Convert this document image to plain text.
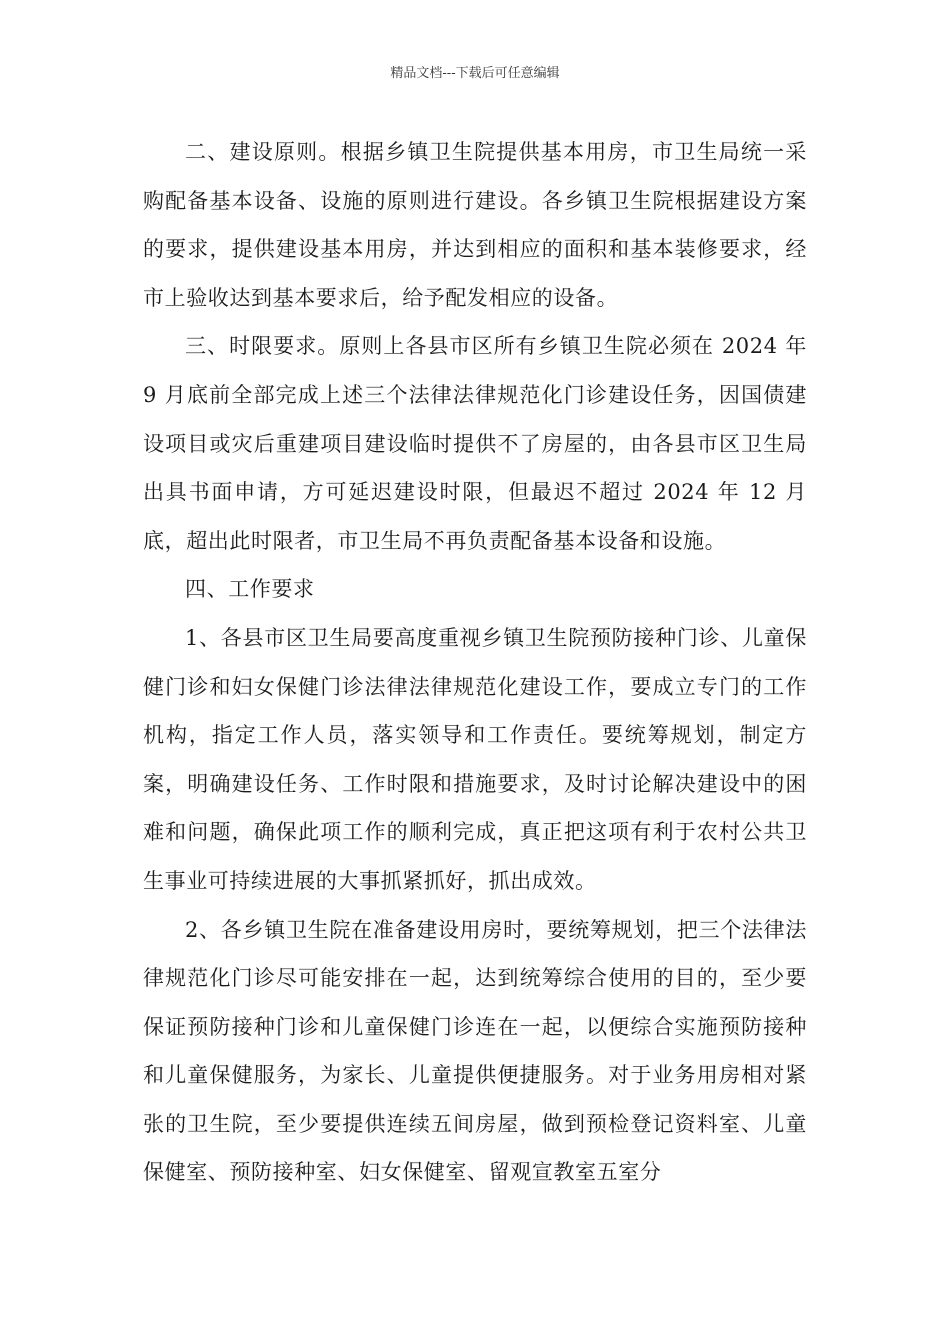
精品文档---下载后可任意编辑

二、建设原则。根据乡镇卫生院提供基本用房，市卫生局统一采购配备基本设备、设施的原则进行建设。各乡镇卫生院根据建设方案的要求，提供建设基本用房，并达到相应的面积和基本装修要求，经市上验收达到基本要求后，给予配发相应的设备。

三、时限要求。原则上各县市区所有乡镇卫生院必须在 2024 年 9 月底前全部完成上述三个法律法律规范化门诊建设任务，因国债建设项目或灾后重建项目建设临时提供不了房屋的，由各县市区卫生局出具书面申请，方可延迟建设时限，但最迟不超过 2024 年 12 月底，超出此时限者，市卫生局不再负责配备基本设备和设施。

四、工作要求

1、各县市区卫生局要高度重视乡镇卫生院预防接种门诊、儿童保健门诊和妇女保健门诊法律法律规范化建设工作，要成立专门的工作机构，指定工作人员，落实领导和工作责任。要统筹规划，制定方案，明确建设任务、工作时限和措施要求，及时讨论解决建设中的困难和问题，确保此项工作的顺利完成，真正把这项有利于农村公共卫生事业可持续进展的大事抓紧抓好，抓出成效。

2、各乡镇卫生院在准备建设用房时，要统筹规划，把三个法律法律规范化门诊尽可能安排在一起，达到统筹综合使用的目的，至少要保证预防接种门诊和儿童保健门诊连在一起，以便综合实施预防接种和儿童保健服务，为家长、儿童提供便捷服务。对于业务用房相对紧张的卫生院，至少要提供连续五间房屋，做到预检登记资料室、儿童保健室、预防接种室、妇女保健室、留观宣教室五室分
